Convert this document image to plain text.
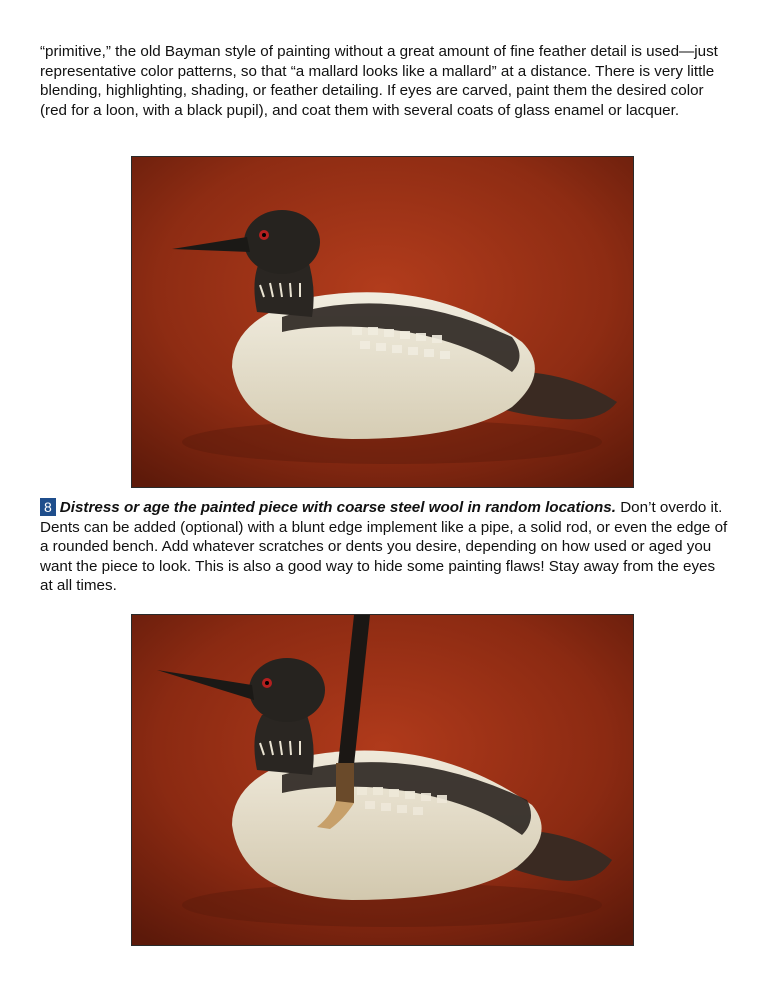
“primitive,” the old Bayman style of painting without a great amount of fine feather detail is used—just representative color patterns, so that “a mallard looks like a mallard” at a distance. There is very little blending, highlighting, shading, or feather detailing. If eyes are carved, paint them the desired color (red for a loon, with a black pupil), and coat them with several coats of glass enamel or lacquer.

8 Distress or age the painted piece with coarse steel wool in random locations. Don’t overdo it. Dents can be added (optional) with a blunt edge implement like a pipe, a solid rod, or even the edge of a rounded bench. Add whatever scratches or dents you desire, depending on how used or aged you want the piece to look. This is also a good way to hide some painting flaws! Stay away from the eyes at all times.
